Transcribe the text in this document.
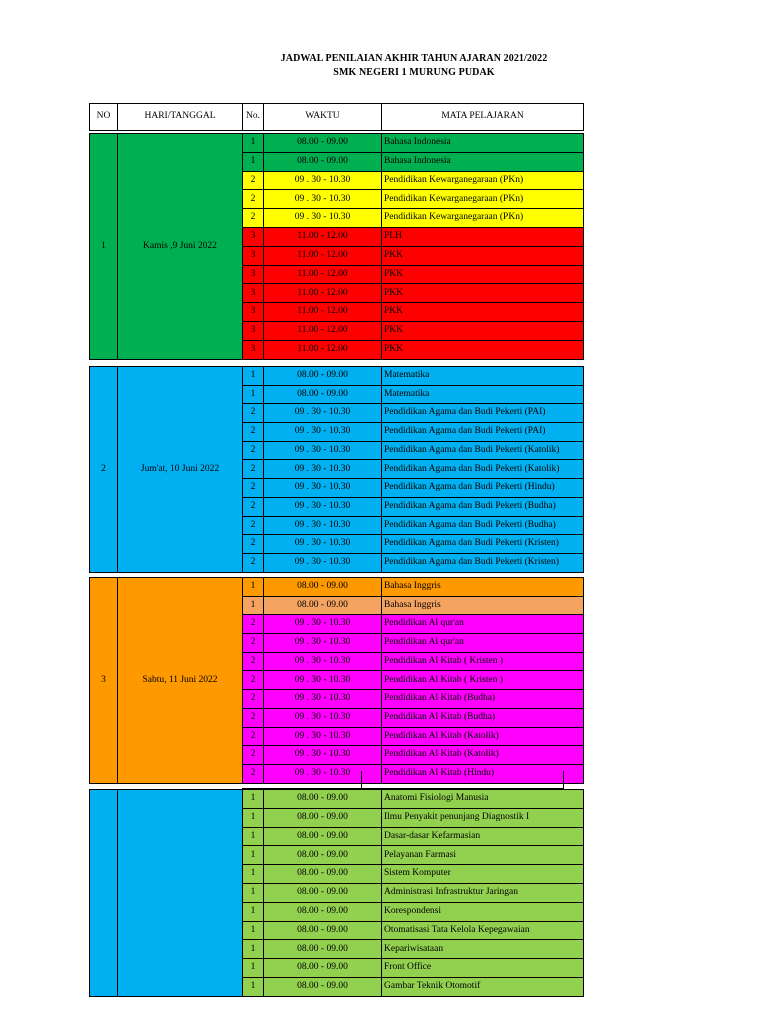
JADWAL PENILAIAN AKHIR TAHUN AJARAN 2021/2022
SMK NEGERI 1 MURUNG PUDAK
NO	HARI/TANGGAL	No.	WAKTU	MATA PELAJARAN
1	Kamis ,9 Juni 2022	1	08.00 - 09.00	Bahasa Indonesia
		1	08.00 - 09.00	Bahasa Indonesia
		2	09 . 30 - 10.30	Pendidikan Kewarganegaraan (PKn)
		2	09 . 30 - 10.30	Pendidikan Kewarganegaraan (PKn)
		2	09 . 30 - 10.30	Pendidikan Kewarganegaraan (PKn)
		3	11.00 - 12.00	PLH
		3	11.00 - 12.00	PKK
		3	11.00 - 12.00	PKK
		3	11.00 - 12.00	PKK
		3	11.00 - 12.00	PKK
		3	11.00 - 12.00	PKK
		3	11.00 - 12.00	PKK
2	Jum'at, 10 Juni 2022	1	08.00 - 09.00	Matematika
		1	08.00 - 09.00	Matematika
		2	09 . 30 - 10.30	Pendidikan Agama dan Budi Pekerti (PAI)
		2	09 . 30 - 10.30	Pendidikan Agama dan Budi Pekerti (PAI)
		2	09 . 30 - 10.30	Pendidikan Agama dan Budi Pekerti (Katolik)
		2	09 . 30 - 10.30	Pendidikan Agama dan Budi Pekerti (Katolik)
		2	09 . 30 - 10.30	Pendidikan Agama dan Budi Pekerti (Hindu)
		2	09 . 30 - 10.30	Pendidikan Agama dan Budi Pekerti (Budha)
		2	09 . 30 - 10.30	Pendidikan Agama dan Budi Pekerti (Budha)
		2	09 . 30 - 10.30	Pendidikan Agama dan Budi Pekerti (Kristen)
		2	09 . 30 - 10.30	Pendidikan Agama dan Budi Pekerti (Kristen)
3	Sabtu, 11 Juni 2022	1	08.00 - 09.00	Bahasa Inggris
		1	08.00 - 09.00	Bahasa Inggris
		2	09 . 30 - 10.30	Pendidikan Al qur'an
		2	09 . 30 - 10.30	Pendidikan Al qur'an
		2	09 . 30 - 10.30	Pendidikan Al Kitab ( Kristen )
		2	09 . 30 - 10.30	Pendidikan Al Kitab ( Kristen )
		2	09 . 30 - 10.30	Pendidikan Al Kitab (Budha)
		2	09 . 30 - 10.30	Pendidikan Al Kitab (Budha)
		2	09 . 30 - 10.30	Pendidikan Al Kitab (Katolik)
		2	09 . 30 - 10.30	Pendidikan Al Kitab (Katolik)
		2	09 . 30 - 10.30	Pendidikan Al Kitab (Hindu)
		1	08.00 - 09.00	Anatomi Fisiologi Manusia
		1	08.00 - 09.00	Ilmu Penyakit penunjang Diagnostik I
		1	08.00 - 09.00	Dasar-dasar Kefarmasian
		1	08.00 - 09.00	Pelayanan Farmasi
		1	08.00 - 09.00	Sistem Komputer
		1	08.00 - 09.00	Administrasi Infrastruktur Jaringan
		1	08.00 - 09.00	Korespondensi
		1	08.00 - 09.00	Otomatisasi Tata Kelola Kepegawaian
		1	08.00 - 09.00	Kepariwisataan
		1	08.00 - 09.00	Front Office
		1	08.00 - 09.00	Gambar Teknik Otomotif
